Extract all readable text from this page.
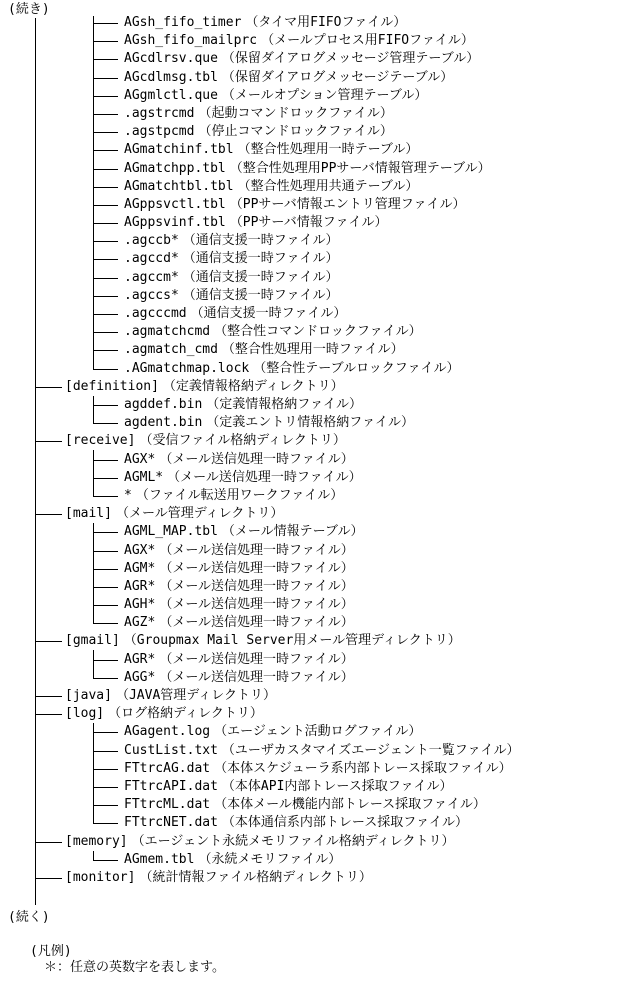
(続き)
AGsh_fifo_timer （タイマ用FIFOファイル）
AGsh_fifo_mailprc （メールプロセス用FIFOファイル）
AGcdlrsv.que （保留ダイアログメッセージ管理テーブル）
AGcdlmsg.tbl （保留ダイアログメッセージテーブル）
AGgmlctl.que （メールオプション管理テーブル）
.agstrcmd （起動コマンドロックファイル）
.agstpcmd （停止コマンドロックファイル）
AGmatchinf.tbl （整合性処理用一時テーブル）
AGmatchpp.tbl （整合性処理用PPサーバ情報管理テーブル）
AGmatchtbl.tbl （整合性処理用共通テーブル）
AGppsvctl.tbl （PPサーバ情報エントリ管理ファイル）
AGppsvinf.tbl （PPサーバ情報ファイル）
.agccb* （通信支援一時ファイル）
.agccd* （通信支援一時ファイル）
.agccm* （通信支援一時ファイル）
.agccs* （通信支援一時ファイル）
.agcccmd （通信支援一時ファイル）
.agmatchcmd （整合性コマンドロックファイル）
.agmatch_cmd （整合性処理用一時ファイル）
.AGmatchmap.lock （整合性テーブルロックファイル）
[definition] （定義情報格納ディレクトリ）
agddef.bin （定義情報格納ファイル）
agdent.bin （定義エントリ情報格納ファイル）
[receive] （受信ファイル格納ディレクトリ）
AGX* （メール送信処理一時ファイル）
AGML* （メール送信処理一時ファイル）
* （ファイル転送用ワークファイル）
[mail] （メール管理ディレクトリ）
AGML_MAP.tbl （メール情報テーブル）
AGX* （メール送信処理一時ファイル）
AGM* （メール送信処理一時ファイル）
AGR* （メール送信処理一時ファイル）
AGH* （メール送信処理一時ファイル）
AGZ* （メール送信処理一時ファイル）
[gmail] （Groupmax Mail Server用メール管理ディレクトリ）
AGR* （メール送信処理一時ファイル）
AGG* （メール送信処理一時ファイル）
[java] （JAVA管理ディレクトリ）
[log] （ログ格納ディレクトリ）
AGagent.log （エージェント活動ログファイル）
CustList.txt （ユーザカスタマイズエージェント一覧ファイル）
FTtrcAG.dat （本体スケジューラ系内部トレース採取ファイル）
FTtrcAPI.dat （本体API内部トレース採取ファイル）
FTtrcML.dat （本体メール機能内部トレース採取ファイル）
FTtrcNET.dat （本体通信系内部トレース採取ファイル）
[memory] （エージェント永続メモリファイル格納ディレクトリ）
AGmem.tbl （永続メモリファイル）
[monitor] （統計情報ファイル格納ディレクトリ）
(続く)
(凡例)
＊：任意の英数字を表します。
